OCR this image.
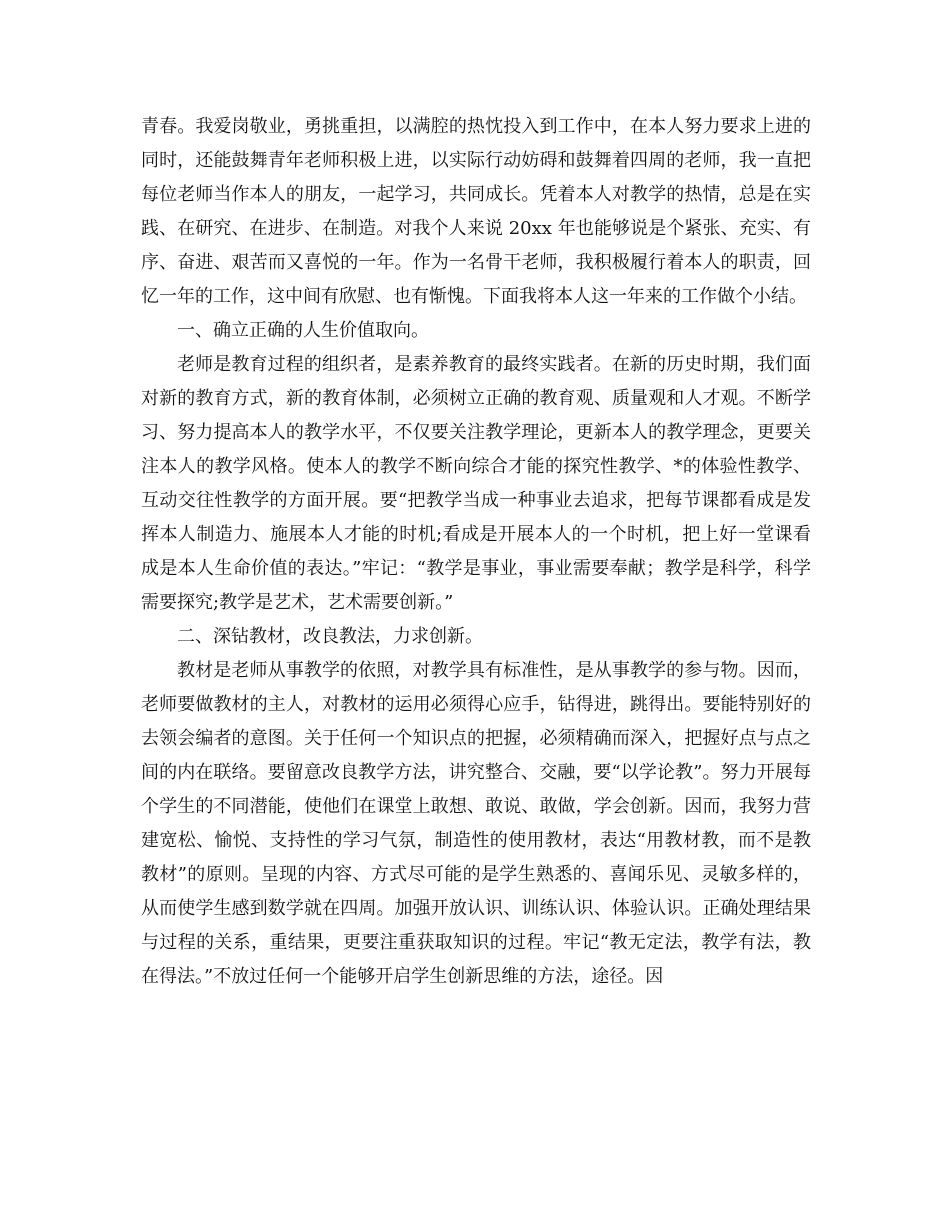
青春。我爱岗敬业，勇挑重担，以满腔的热忱投入到工作中，在本人努力要求上进的同时，还能鼓舞青年老师积极上进，以实际行动妨碍和鼓舞着四周的老师，我一直把每位老师当作本人的朋友，一起学习，共同成长。凭着本人对教学的热情，总是在实践、在研究、在进步、在制造。对我个人来说 20xx 年也能够说是个紧张、充实、有序、奋进、艰苦而又喜悦的一年。作为一名骨干老师，我积极履行着本人的职责，回忆一年的工作，这中间有欣慰、也有惭愧。下面我将本人这一年来的工作做个小结。

一、确立正确的人生价值取向。

老师是教育过程的组织者，是素养教育的最终实践者。在新的历史时期，我们面对新的教育方式，新的教育体制，必须树立正确的教育观、质量观和人才观。不断学习、努力提高本人的教学水平，不仅要关注教学理论，更新本人的教学理念，更要关注本人的教学风格。使本人的教学不断向综合才能的探究性教学、*的体验性教学、互动交往性教学的方面开展。要“把教学当成一种事业去追求，把每节课都看成是发挥本人制造力、施展本人才能的时机;看成是开展本人的一个时机，把上好一堂课看成是本人生命价值的表达。”牢记：“教学是事业，事业需要奉献；教学是科学，科学需要探究;教学是艺术，艺术需要创新。”

二、深钻教材，改良教法，力求创新。

教材是老师从事教学的依照，对教学具有标准性，是从事教学的参与物。因而，老师要做教材的主人，对教材的运用必须得心应手，钻得进，跳得出。要能特别好的去领会编者的意图。关于任何一个知识点的把握，必须精确而深入，把握好点与点之间的内在联络。要留意改良教学方法，讲究整合、交融，要“以学论教”。努力开展每个学生的不同潜能，使他们在课堂上敢想、敢说、敢做，学会创新。因而，我努力营建宽松、愉悦、支持性的学习气氛，制造性的使用教材，表达“用教材教，而不是教教材”的原则。呈现的内容、方式尽可能的是学生熟悉的、喜闻乐见、灵敏多样的，从而使学生感到数学就在四周。加强开放认识、训练认识、体验认识。正确处理结果与过程的关系，重结果，更要注重获取知识的过程。牢记“教无定法，教学有法，教在得法。”不放过任何一个能够开启学生创新思维的方法，途径。因
